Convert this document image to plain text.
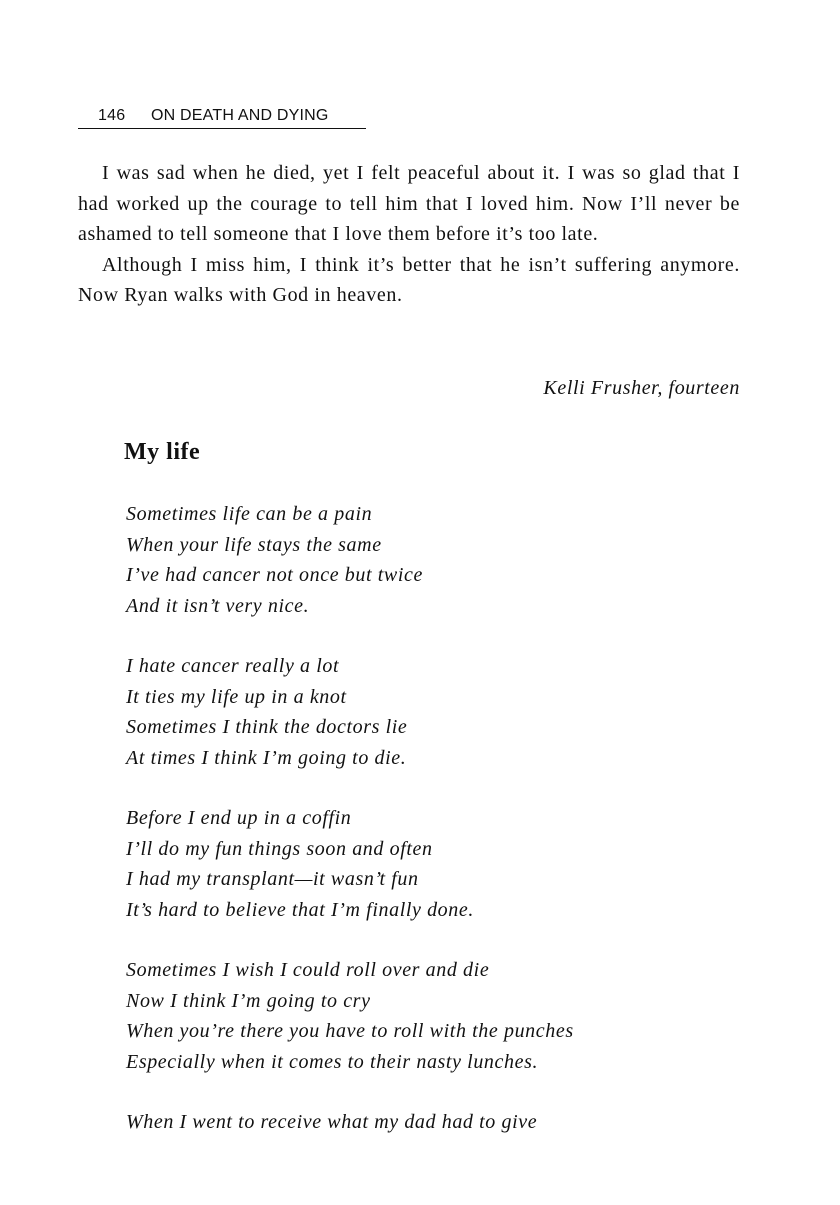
146 ON DEATH AND DYING

I was sad when he died, yet I felt peaceful about it. I was so glad that I had worked up the courage to tell him that I loved him. Now I’ll never be ashamed to tell someone that I love them before it’s too late.

Although I miss him, I think it’s better that he isn’t suffering anymore. Now Ryan walks with God in heaven.

Kelli Frusher, fourteen
My life
Sometimes life can be a pain
When your life stays the same
I’ve had cancer not once but twice
And it isn’t very nice.
I hate cancer really a lot
It ties my life up in a knot
Sometimes I think the doctors lie
At times I think I’m going to die.
Before I end up in a coffin
I’ll do my fun things soon and often
I had my transplant—it wasn’t fun
It’s hard to believe that I’m finally done.
Sometimes I wish I could roll over and die
Now I think I’m going to cry
When you’re there you have to roll with the punches
Especially when it comes to their nasty lunches.
When I went to receive what my dad had to give
